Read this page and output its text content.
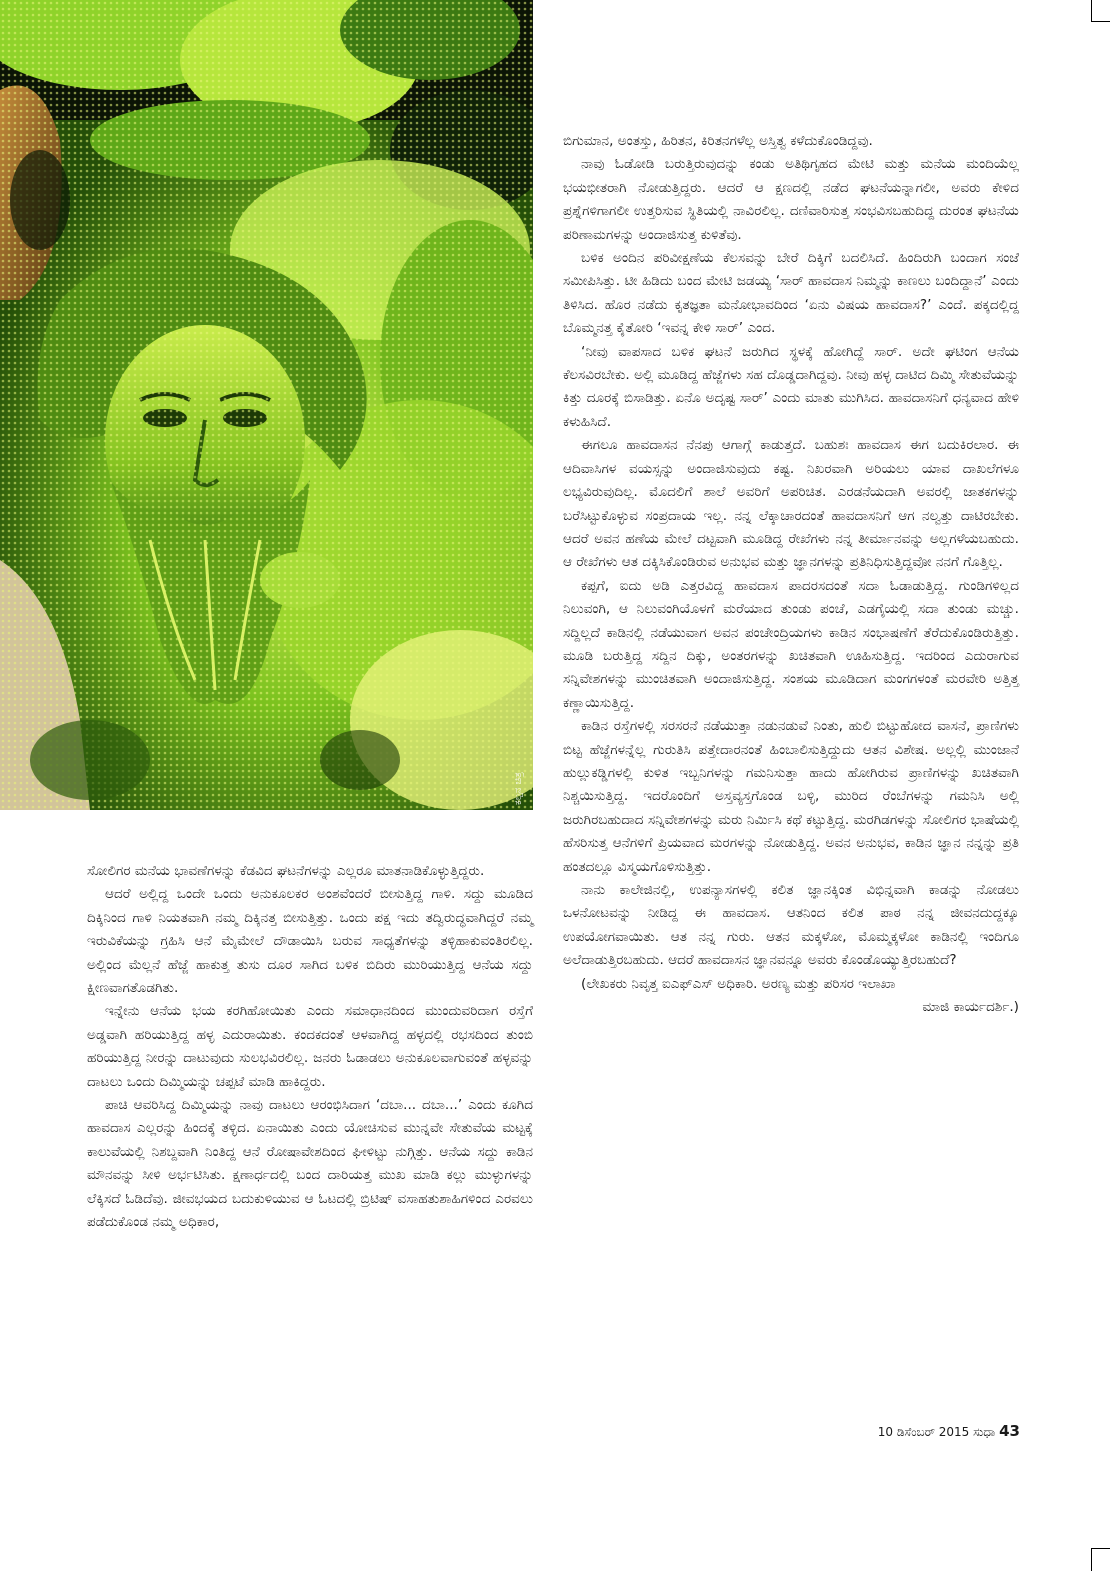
ಕಲ್ಪನ ಚಿತ್ರ

ಸೋಲಿಗರ ಮನೆಯ ಭಾವಣೆಗಳನ್ನು ಕೆಡವಿದ ಘಟನೆಗಳನ್ನು ಎಲ್ಲರೂ ಮಾತನಾಡಿಕೊಳ್ಳುತ್ತಿದ್ದರು.

ಆದರೆ ಅಲ್ಲಿದ್ದ ಒಂದೇ ಒಂದು ಅನುಕೂಲಕರ ಅಂಶವೆಂದರೆ ಬೀಸುತ್ತಿದ್ದ ಗಾಳಿ. ಸದ್ದು ಮೂಡಿದ ದಿಕ್ಕಿನಿಂದ ಗಾಳಿ ನಿಯತವಾಗಿ ನಮ್ಮ ದಿಕ್ಕಿನತ್ತ ಬೀಸುತ್ತಿತ್ತು. ಒಂದು ಪಕ್ಷ ಇದು ತದ್ವಿರುದ್ಧವಾಗಿದ್ದರೆ ನಮ್ಮ ಇರುವಿಕೆಯನ್ನು ಗ್ರಹಿಸಿ ಆನೆ ಮೈಮೇಲೆ ದೌಡಾಯಿಸಿ ಬರುವ ಸಾಧ್ಯತೆಗಳನ್ನು ತಳ್ಳಿಹಾಕುವಂತಿರಲಿಲ್ಲ. ಅಲ್ಲಿಂದ ಮೆಲ್ಲನೆ ಹೆಜ್ಜೆ ಹಾಕುತ್ತ ತುಸು ದೂರ ಸಾಗಿದ ಬಳಿಕ ಬಿದಿರು ಮುರಿಯುತ್ತಿದ್ದ ಆನೆಯ ಸದ್ದು ಕ್ಷೀಣವಾಗತೊಡಗಿತು.

ಇನ್ನೇನು ಆನೆಯ ಭಯ ಕರಗಿಹೋಯಿತು ಎಂದು ಸಮಾಧಾನದಿಂದ ಮುಂದುವರಿದಾಗ ರಸ್ತೆಗೆ ಅಡ್ಡವಾಗಿ ಹರಿಯುತ್ತಿದ್ದ ಹಳ್ಳ ಎದುರಾಯಿತು. ಕಂದಕದಂತೆ ಆಳವಾಗಿದ್ದ ಹಳ್ಳದಲ್ಲಿ ರಭಸದಿಂದ ತುಂಬಿ ಹರಿಯುತ್ತಿದ್ದ ನೀರನ್ನು ದಾಟುವುದು ಸುಲಭವಿರಲಿಲ್ಲ. ಜನರು ಓಡಾಡಲು ಅನುಕೂಲವಾಗುವಂತೆ ಹಳ್ಳವನ್ನು ದಾಟಲು ಒಂದು ದಿಮ್ಮಿಯನ್ನು ಚಪ್ಪಟೆ ಮಾಡಿ ಹಾಕಿದ್ದರು.

ಪಾಚಿ ಆವರಿಸಿದ್ದ ದಿಮ್ಮಿಯನ್ನು ನಾವು ದಾಟಲು ಆರಂಭಿಸಿದಾಗ ‘ದಬಾ... ದಬಾ...’ ಎಂದು ಕೂಗಿದ ಹಾವದಾಸ ಎಲ್ಲರನ್ನು ಹಿಂದಕ್ಕೆ ತಳ್ಳಿದ. ಏನಾಯಿತು ಎಂದು ಯೋಚಿಸುವ ಮುನ್ನವೇ ಸೇತುವೆಯ ಮಟ್ಟಕ್ಕೆ ಕಾಲುವೆಯಲ್ಲಿ ನಿಶಬ್ದವಾಗಿ ನಿಂತಿದ್ದ ಆನೆ ರೋಷಾವೇಶದಿಂದ ಘೀಳಿಟ್ಟು ನುಗ್ಗಿತ್ತು. ಆನೆಯ ಸದ್ದು ಕಾಡಿನ ಮೌನವನ್ನು ಸೀಳಿ ಅರ್ಭಟಿಸಿತು. ಕ್ಷಣಾರ್ಧದಲ್ಲಿ ಬಂದ ದಾರಿಯತ್ತ ಮುಖ ಮಾಡಿ ಕಲ್ಲು ಮುಳ್ಳುಗಳನ್ನು ಲೆಕ್ಕಿಸದೆ ಓಡಿದೆವು. ಜೀವಭಯದ ಬದುಕುಳಿಯುವ ಆ ಓಟದಲ್ಲಿ ಬ್ರಿಟಿಷ್ ವಸಾಹತುಶಾಹಿಗಳಿಂದ ಎರವಲು ಪಡೆದುಕೊಂಡ ನಮ್ಮ ಅಧಿಕಾರ,

ಬಿಗುಮಾನ, ಅಂತಸ್ತು, ಹಿರಿತನ, ಕಿರಿತನಗಳೆಲ್ಲ ಅಸ್ತಿತ್ವ ಕಳೆದುಕೊಂಡಿದ್ದವು.

ನಾವು ಓಡೋಡಿ ಬರುತ್ತಿರುವುದನ್ನು ಕಂಡು ಅತಿಥಿಗೃಹದ ಮೇಟಿ ಮತ್ತು ಮನೆಯ ಮಂದಿಯೆಲ್ಲ ಭಯಭೀತರಾಗಿ ನೋಡುತ್ತಿದ್ದರು. ಆದರೆ ಆ ಕ್ಷಣದಲ್ಲಿ ನಡೆದ ಘಟನೆಯನ್ನಾಗಲೀ, ಅವರು ಕೇಳಿದ ಪ್ರಶ್ನೆಗಳಿಗಾಗಲೀ ಉತ್ತರಿಸುವ ಸ್ಥಿತಿಯಲ್ಲಿ ನಾವಿರಲಿಲ್ಲ. ದಣಿವಾರಿಸುತ್ತ ಸಂಭವಿಸಬಹುದಿದ್ದ ದುರಂತ ಘಟನೆಯ ಪರಿಣಾಮಗಳನ್ನು ಅಂದಾಜಿಸುತ್ತ ಕುಳಿತೆವು.

ಬಳಿಕ ಅಂದಿನ ಪರಿವೀಕ್ಷಣೆಯ ಕೆಲಸವನ್ನು ಬೇರೆ ದಿಕ್ಕಿಗೆ ಬದಲಿಸಿದೆ. ಹಿಂದಿರುಗಿ ಬಂದಾಗ ಸಂಜೆ ಸಮೀಪಿಸಿತ್ತು. ಟೀ ಹಿಡಿದು ಬಂದ ಮೇಟಿ ಜಡಯ್ಯ ‘ಸಾರ್ ಹಾವದಾಸ ನಿಮ್ಮನ್ನು ಕಾಣಲು ಬಂದಿದ್ದಾನೆ’ ಎಂದು ತಿಳಿಸಿದ. ಹೊರ ನಡೆದು ಕೃತಜ್ಞತಾ ಮನೋಭಾವದಿಂದ ‘ಏನು ವಿಷಯ ಹಾವದಾಸ?’ ಎಂದೆ. ಪಕ್ಕದಲ್ಲಿದ್ದ ಬೊಮ್ಮನತ್ತ ಕೈತೋರಿ ‘ಇವನ್ನ ಕೇಳಿ ಸಾರ್’ ಎಂದ.

‘ನೀವು ವಾಪಸಾದ ಬಳಿಕ ಘಟನೆ ಜರುಗಿದ ಸ್ಥಳಕ್ಕೆ ಹೋಗಿದ್ದೆ ಸಾರ್. ಅದೇ ಘಟಿಂಗ ಆನೆಯ ಕೆಲಸವಿರಬೇಕು. ಅಲ್ಲಿ ಮೂಡಿದ್ದ ಹೆಜ್ಜೆಗಳು ಸಹ ದೊಡ್ಡದಾಗಿದ್ದವು. ನೀವು ಹಳ್ಳ ದಾಟಿದ ದಿಮ್ಮಿ ಸೇತುವೆಯನ್ನು ಕಿತ್ತು ದೂರಕ್ಕೆ ಬಿಸಾಡಿತ್ತು. ಏನೊ ಅದೃಷ್ಟ ಸಾರ್’ ಎಂದು ಮಾತು ಮುಗಿಸಿದ. ಹಾವದಾಸನಿಗೆ ಧನ್ಯವಾದ ಹೇಳಿ ಕಳುಹಿಸಿದೆ.

ಈಗಲೂ ಹಾವದಾಸನ ನೆನಪು ಆಗಾಗ್ಗೆ ಕಾಡುತ್ತದೆ. ಬಹುಶಃ ಹಾವದಾಸ ಈಗ ಬದುಕಿರಲಾರ. ಈ ಆದಿವಾಸಿಗಳ ವಯಸ್ಸನ್ನು ಅಂದಾಜಿಸುವುದು ಕಷ್ಟ. ನಿಖರವಾಗಿ ಅರಿಯಲು ಯಾವ ದಾಖಲೆಗಳೂ ಲಭ್ಯವಿರುವುದಿಲ್ಲ. ಮೊದಲಿಗೆ ಶಾಲೆ ಅವರಿಗೆ ಅಪರಿಚಿತ. ಎರಡನೆಯದಾಗಿ ಅವರಲ್ಲಿ ಜಾತಕಗಳನ್ನು ಬರೆಸಿಟ್ಟುಕೊಳ್ಳುವ ಸಂಪ್ರದಾಯ ಇಲ್ಲ. ನನ್ನ ಲೆಕ್ಕಾಚಾರದಂತೆ ಹಾವದಾಸನಿಗೆ ಆಗ ನಲ್ವತ್ತು ದಾಟಿರಬೇಕು. ಆದರೆ ಅವನ ಹಣೆಯ ಮೇಲೆ ದಟ್ಟವಾಗಿ ಮೂಡಿದ್ದ ರೇಖೆಗಳು ನನ್ನ ತೀರ್ಮಾನವನ್ನು ಅಲ್ಲಗಳೆಯಬಹುದು. ಆ ರೇಖೆಗಳು ಆತ ದಕ್ಕಿಸಿಕೊಂಡಿರುವ ಅನುಭವ ಮತ್ತು ಜ್ಞಾನಗಳನ್ನು ಪ್ರತಿನಿಧಿಸುತ್ತಿದ್ದವೋ ನನಗೆ ಗೊತ್ತಿಲ್ಲ.

ಕಪ್ಪಗೆ, ಐದು ಅಡಿ ಎತ್ತರವಿದ್ದ ಹಾವದಾಸ ಪಾದರಸದಂತೆ ಸದಾ ಓಡಾಡುತ್ತಿದ್ದ. ಗುಂಡಿಗಳಿಲ್ಲದ ನಿಲುವಂಗಿ, ಆ ನಿಲುವಂಗಿಯೊಳಗೆ ಮರೆಯಾದ ತುಂಡು ಪಂಚೆ, ಎಡಗೈಯಲ್ಲಿ ಸದಾ ತುಂಡು ಮಚ್ಚು. ಸದ್ದಿಲ್ಲದೆ ಕಾಡಿನಲ್ಲಿ ನಡೆಯುವಾಗ ಅವನ ಪಂಚೇಂದ್ರಿಯಗಳು ಕಾಡಿನ ಸಂಭಾಷಣೆಗೆ ತೆರೆದುಕೊಂಡಿರುತ್ತಿತ್ತು. ಮೂಡಿ ಬರುತ್ತಿದ್ದ ಸದ್ದಿನ ದಿಕ್ಕು, ಅಂತರಗಳನ್ನು ಖಚಿತವಾಗಿ ಊಹಿಸುತ್ತಿದ್ದ. ಇದರಿಂದ ಎದುರಾಗುವ ಸನ್ನಿವೇಶಗಳನ್ನು ಮುಂಚಿತವಾಗಿ ಅಂದಾಜಿಸುತ್ತಿದ್ದ. ಸಂಶಯ ಮೂಡಿದಾಗ ಮಂಗಗಳಂತೆ ಮರವೇರಿ ಅತ್ತಿತ್ತ ಕಣ್ಣಾಯಿಸುತ್ತಿದ್ದ.

ಕಾಡಿನ ರಸ್ತೆಗಳಲ್ಲಿ ಸರಸರನೆ ನಡೆಯುತ್ತಾ ನಡುನಡುವೆ ನಿಂತು, ಹುಲಿ ಬಿಟ್ಟುಹೋದ ವಾಸನೆ, ಪ್ರಾಣಿಗಳು ಬಿಟ್ಟ ಹೆಜ್ಜೆಗಳನ್ನೆಲ್ಲ ಗುರುತಿಸಿ ಪತ್ತೇದಾರನಂತೆ ಹಿಂಬಾಲಿಸುತ್ತಿದ್ದುದು ಆತನ ವಿಶೇಷ. ಅಲ್ಲಲ್ಲಿ ಮುಂಜಾನೆ ಹುಲ್ಲುಕಡ್ಡಿಗಳಲ್ಲಿ ಕುಳಿತ ಇಬ್ಬನಿಗಳನ್ನು ಗಮನಿಸುತ್ತಾ ಹಾದು ಹೋಗಿರುವ ಪ್ರಾಣಿಗಳನ್ನು ಖಚಿತವಾಗಿ ನಿಶ್ಚಯಿಸುತ್ತಿದ್ದ. ಇದರೊಂದಿಗೆ ಅಸ್ತವ್ಯಸ್ತಗೊಂಡ ಬಳ್ಳಿ, ಮುರಿದ ರೆಂಬೆಗಳನ್ನು ಗಮನಿಸಿ ಅಲ್ಲಿ ಜರುಗಿರಬಹುದಾದ ಸನ್ನಿವೇಶಗಳನ್ನು ಮರು ನಿರ್ಮಿಸಿ ಕಥೆ ಕಟ್ಟುತ್ತಿದ್ದ. ಮರಗಿಡಗಳನ್ನು ಸೋಲಿಗರ ಭಾಷೆಯಲ್ಲಿ ಹೆಸರಿಸುತ್ತ ಆನೆಗಳಿಗೆ ಪ್ರಿಯವಾದ ಮರಗಳನ್ನು ನೋಡುತ್ತಿದ್ದ. ಅವನ ಅನುಭವ, ಕಾಡಿನ ಜ್ಞಾನ ನನ್ನನ್ನು ಪ್ರತಿ ಹಂತದಲ್ಲೂ ವಿಸ್ಮಯಗೊಳಿಸುತ್ತಿತ್ತು.

ನಾನು ಕಾಲೇಜಿನಲ್ಲಿ, ಉಪನ್ಯಾಸಗಳಲ್ಲಿ ಕಲಿತ ಜ್ಞಾನಕ್ಕಿಂತ ವಿಭಿನ್ನವಾಗಿ ಕಾಡನ್ನು ನೋಡಲು ಒಳನೋಟವನ್ನು ನೀಡಿದ್ದ ಈ ಹಾವದಾಸ. ಆತನಿಂದ ಕಲಿತ ಪಾಠ ನನ್ನ ಜೀವನದುದ್ದಕ್ಕೂ ಉಪಯೋಗವಾಯಿತು. ಆತ ನನ್ನ ಗುರು. ಆತನ ಮಕ್ಕಳೋ, ಮೊಮ್ಮಕ್ಕಳೋ ಕಾಡಿನಲ್ಲಿ ಇಂದಿಗೂ ಅಲೆದಾಡುತ್ತಿರಬಹುದು. ಆದರೆ ಹಾವದಾಸನ ಜ್ಞಾನವನ್ನೂ ಅವರು ಕೊಂಡೊಯ್ಯುತ್ತಿರಬಹುದೆ?

(ಲೇಖಕರು ನಿವೃತ್ತ ಐಎಫ್‌ಎಸ್ ಅಧಿಕಾರಿ. ಅರಣ್ಯ ಮತ್ತು ಪರಿಸರ ಇಲಾಖಾ

ಮಾಜಿ ಕಾರ್ಯದರ್ಶಿ.)

10 ಡಿಸೆಂಬರ್ 2015 ಸುಧಾ 43
